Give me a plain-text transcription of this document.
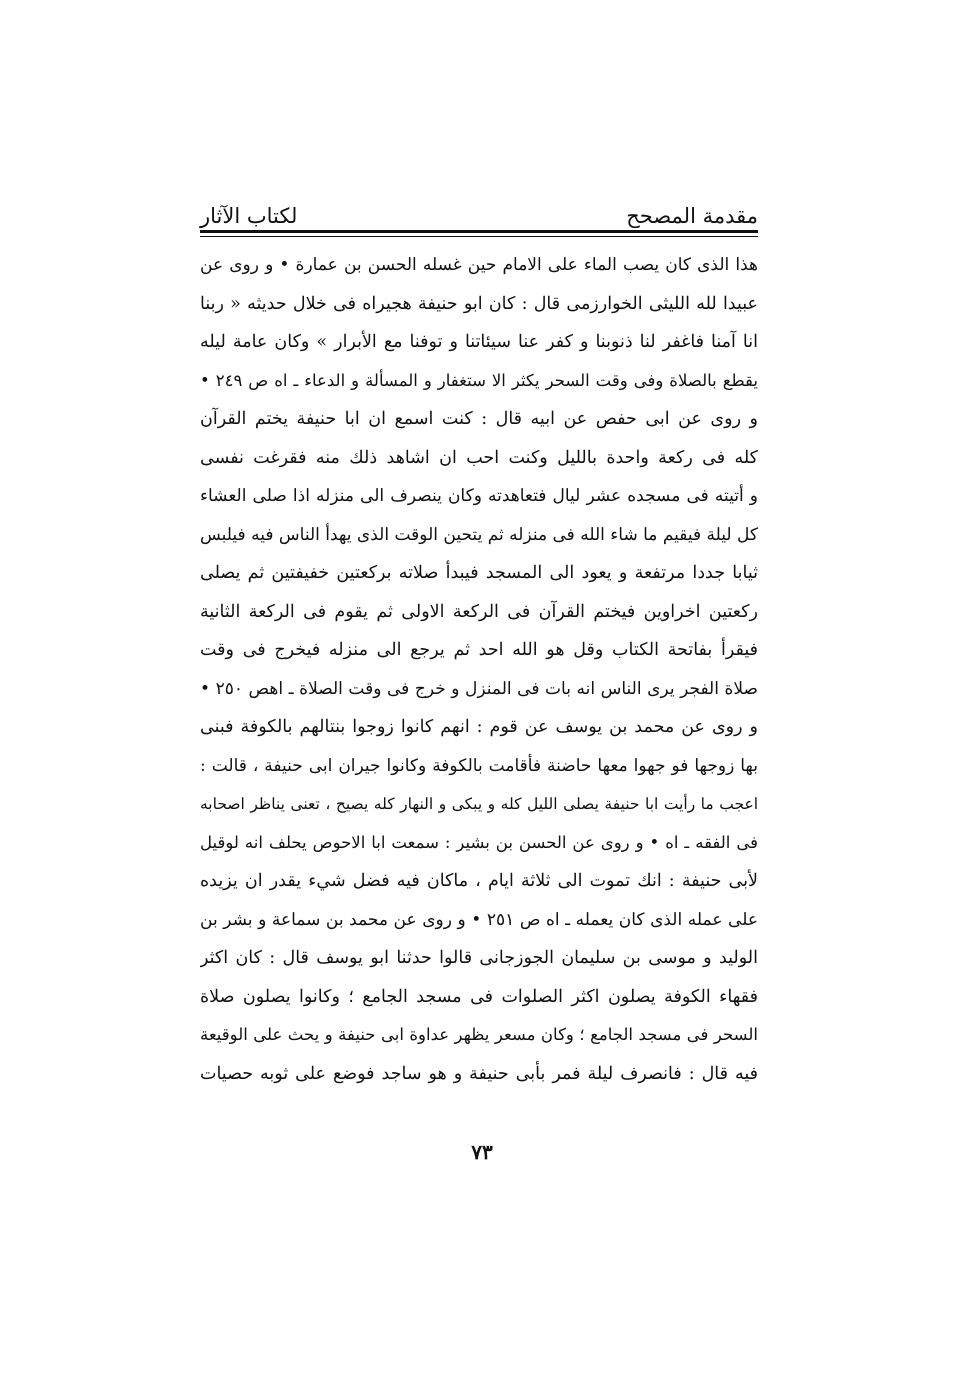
مقدمة المصحح
لكتاب الآثار
هذا الذى كان يصب الماء على الامام حين غسله الحسن بن عمارة • و روى عن
عبيدا لله الليثى الخوارزمى قال : كان ابو حنيفة هجيراه فى خلال حديثه « ربنا
انا آمنا فاغفر لنا ذنوبنا و كفر عنا سيئاتنا و توفنا مع الأبرار » وكان عامة ليله
يقطع بالصلاة وفى وقت السحر يكثر الا ستغفار و المسألة و الدعاء ـ اه ص ٢٤٩ •
و روى عن ابى حفص عن ابيه قال : كنت اسمع ان ابا حنيفة يختم القرآن
كله فى ركعة واحدة بالليل وكنت احب ان اشاهد ذلك منه فقرغت نفسى
و أتيته فى مسجده عشر ليال فتعاهدته وكان ينصرف الى منزله اذا صلى العشاء
كل ليلة فيقيم ما شاء الله فى منزله ثم يتحين الوقت الذى يهدأ الناس فيه فيلبس
ثيابا جددا مرتفعة و يعود الى المسجد فيبدأ صلاته بركعتين خفيفتين ثم يصلى
ركعتين اخراوين فيختم القرآن فى الركعة الاولى ثم يقوم فى الركعة الثانية
فيقرأ بفاتحة الكتاب وقل هو الله احد ثم يرجع الى منزله فيخرج فى وقت
صلاة الفجر يرى الناس انه بات فى المنزل و خرج فى وقت الصلاة ـ اهص ٢٥٠ •
و روى عن محمد بن يوسف عن قوم : انهم كانوا زوجوا بنتالهم بالكوفة فبنى
بها زوجها فو جهوا معها حاضنة فأقامت بالكوفة وكانوا جيران ابى حنيفة ، قالت :
اعجب ما رأيت ابا حنيفة يصلى الليل كله و يبكى و النهار كله يصيح ، تعنى يناظر اصحابه
فى الفقه ـ اه • و روى عن الحسن بن بشير : سمعت ابا الاحوص يحلف انه لوقيل
لأبى حنيفة : انك تموت الى ثلاثة ايام ، ماكان فيه فضل شيء يقدر ان يزيده
على عمله الذى كان يعمله ـ اه ص ٢٥١ • و روى عن محمد بن سماعة و بشر بن
الوليد و موسى بن سليمان الجوزجانى قالوا حدثنا ابو يوسف قال : كان اكثر
فقهاء الكوفة يصلون اكثر الصلوات فى مسجد الجامع ؛ وكانوا يصلون صلاة
السحر فى مسجد الجامع ؛ وكان مسعر يظهر عداوة ابى حنيفة و يحث على الوقيعة
فيه قال : فانصرف ليلة فمر بأبى حنيفة و هو ساجد فوضع على ثوبه حصيات
٧٣
